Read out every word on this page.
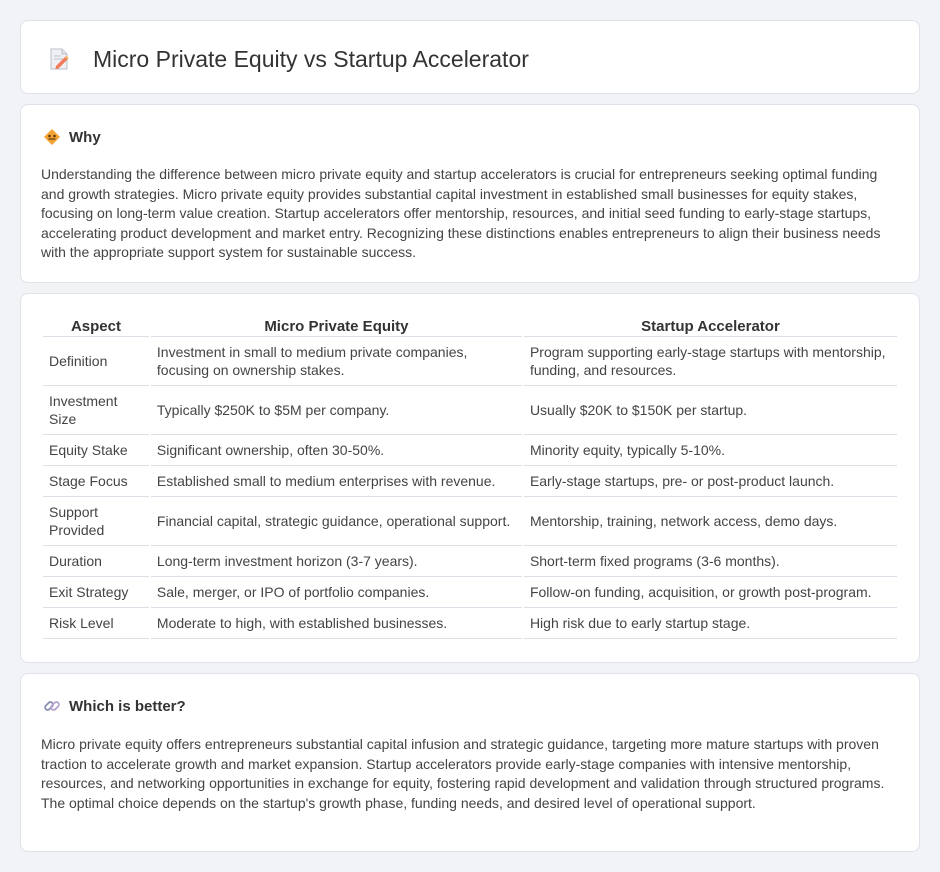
Micro Private Equity vs Startup Accelerator
Why

Understanding the difference between micro private equity and startup accelerators is crucial for entrepreneurs seeking optimal funding and growth strategies. Micro private equity provides substantial capital investment in established small businesses for equity stakes, focusing on long-term value creation. Startup accelerators offer mentorship, resources, and initial seed funding to early-stage startups, accelerating product development and market entry. Recognizing these distinctions enables entrepreneurs to align their business needs with the appropriate support system for sustainable success.

Aspect	Micro Private Equity	Startup Accelerator
Definition	Investment in small to medium private companies, focusing on ownership stakes.	Program supporting early-stage startups with mentorship, funding, and resources.
Investment Size	Typically $250K to $5M per company.	Usually $20K to $150K per startup.
Equity Stake	Significant ownership, often 30-50%.	Minority equity, typically 5-10%.
Stage Focus	Established small to medium enterprises with revenue.	Early-stage startups, pre- or post-product launch.
Support Provided	Financial capital, strategic guidance, operational support.	Mentorship, training, network access, demo days.
Duration	Long-term investment horizon (3-7 years).	Short-term fixed programs (3-6 months).
Exit Strategy	Sale, merger, or IPO of portfolio companies.	Follow-on funding, acquisition, or growth post-program.
Risk Level	Moderate to high, with established businesses.	High risk due to early startup stage.
Which is better?

Micro private equity offers entrepreneurs substantial capital infusion and strategic guidance, targeting more mature startups with proven traction to accelerate growth and market expansion. Startup accelerators provide early-stage companies with intensive mentorship, resources, and networking opportunities in exchange for equity, fostering rapid development and validation through structured programs. The optimal choice depends on the startup's growth phase, funding needs, and desired level of operational support.
